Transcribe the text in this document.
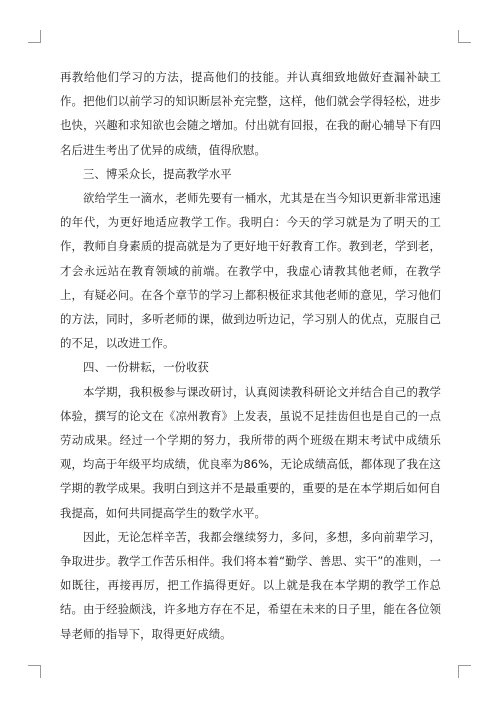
再教给他们学习的方法，提高他们的技能。并认真细致地做好查漏补缺工作。把他们以前学习的知识断层补充完整，这样，他们就会学得轻松，进步也快，兴趣和求知欲也会随之增加。付出就有回报，在我的耐心辅导下有四名后进生考出了优异的成绩，值得欣慰。

三、博采众长，提高教学水平

欲给学生一滴水，老师先要有一桶水，尤其是在当今知识更新非常迅速的年代，为更好地适应教学工作。我明白：今天的学习就是为了明天的工作，教师自身素质的提高就是为了更好地干好教育工作。教到老，学到老，才会永远站在教育领域的前端。在教学中，我虚心请教其他老师，在教学上，有疑必问。在各个章节的学习上都积极征求其他老师的意见，学习他们的方法，同时，多听老师的课，做到边听边记，学习别人的优点，克服自己的不足，以改进工作。

四、一份耕耘，一份收获

本学期，我积极参与课改研讨，认真阅读教科研论文并结合自己的教学体验，撰写的论文在《凉州教育》上发表，虽说不足挂齿但也是自己的一点劳动成果。经过一个学期的努力，我所带的两个班级在期末考试中成绩乐观，均高于年级平均成绩，优良率为86%，无论成绩高低，都体现了我在这学期的教学成果。我明白到这并不是最重要的，重要的是在本学期后如何自我提高，如何共同提高学生的数学水平。

因此，无论怎样辛苦，我都会继续努力，多问，多想，多向前辈学习，争取进步。教学工作苦乐相伴。我们将本着“勤学、善思、实干”的准则，一如既往，再接再厉，把工作搞得更好。以上就是我在本学期的教学工作总结。由于经验颇浅，许多地方存在不足，希望在未来的日子里，能在各位领导老师的指导下，取得更好成绩。
